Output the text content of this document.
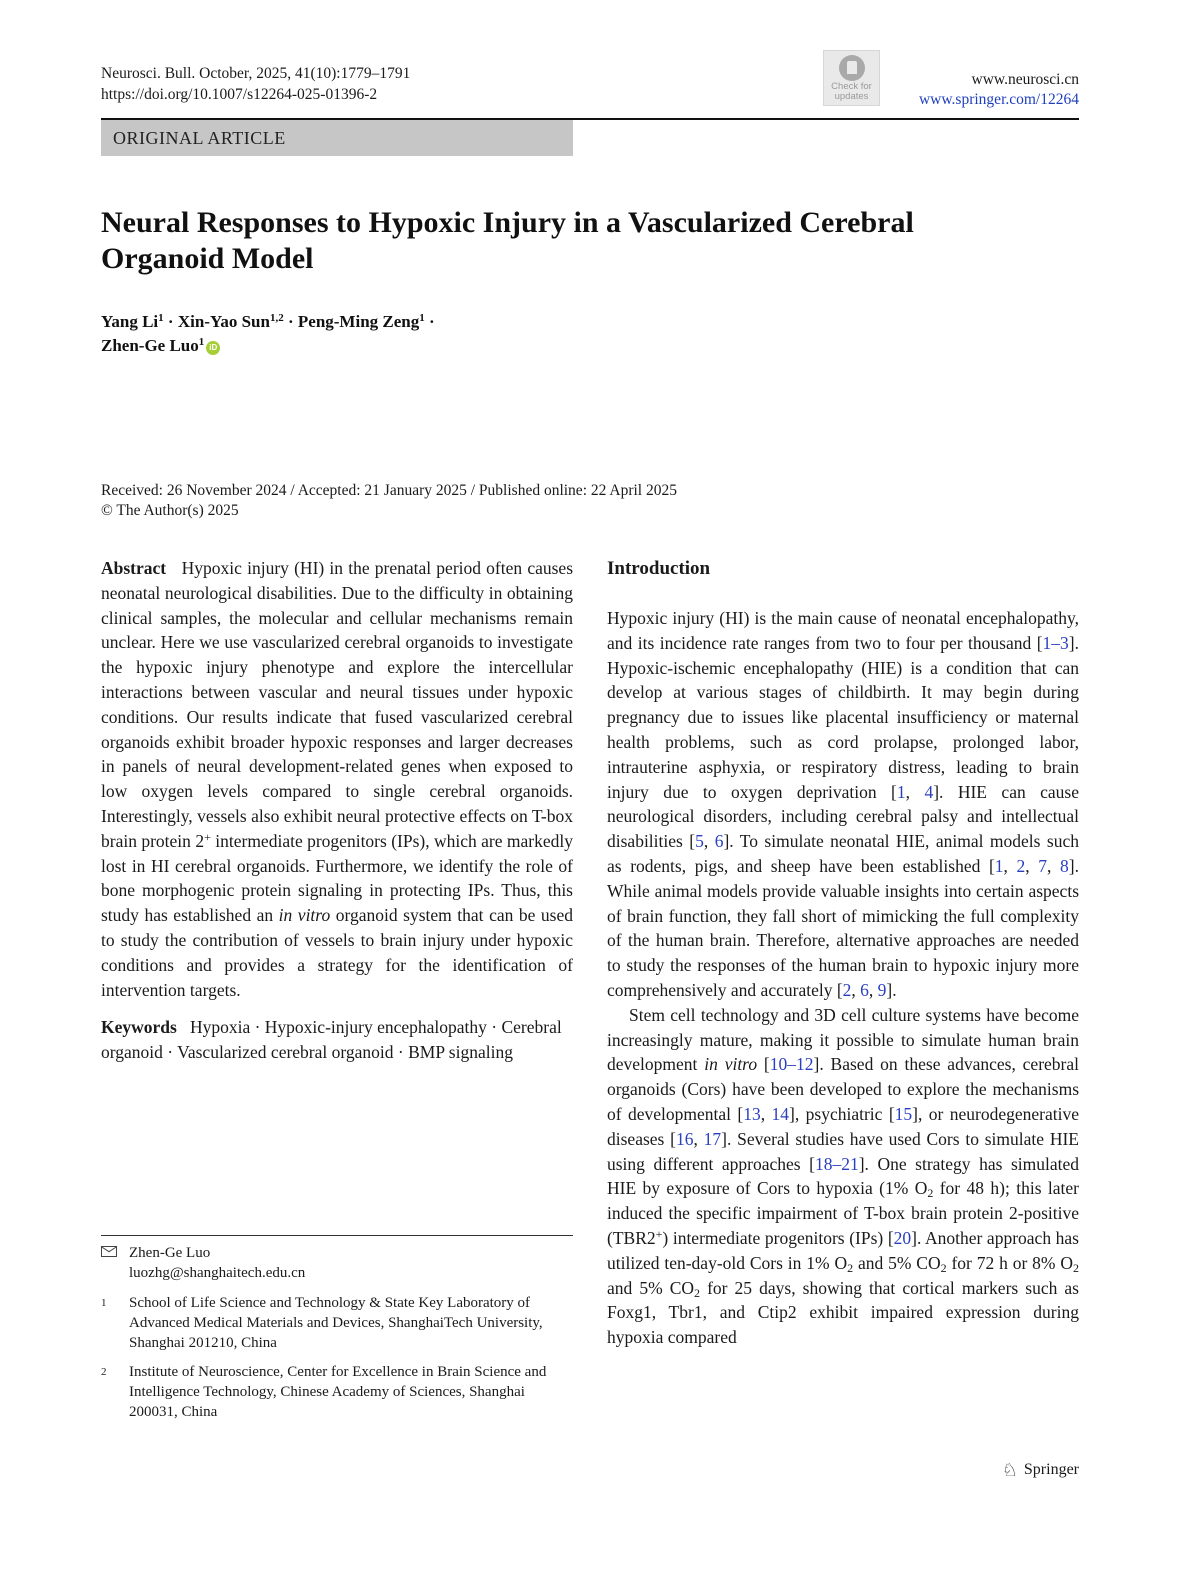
Neurosci. Bull. October, 2025, 41(10):1779–1791
https://doi.org/10.1007/s12264-025-01396-2	Check for
updates
www.neurosci.cn
www.springer.com/12264
ORIGINAL ARTICLE
Neural Responses to Hypoxic Injury in a Vascularized Cerebral Organoid Model
Yang $Li^1 \cdot Xin-Yao$ Sun$^{1,2}$ · Peng-Ming Zeng$^1$ ·
Zhen-Ge Luo$^1$ iD
Received: 26 November 2024 / Accepted: 21 January 2025 / Published online: 22 April 2025
© The Author(s) 2025

Abstract Hypoxic injury (HI) in the prenatal period often causes neonatal neurological disabilities. Due to the difficulty in obtaining clinical samples, the molecular and cellular mechanisms remain unclear. Here we use vascularized cerebral organoids to investigate the hypoxic injury phenotype and explore the intercellular interactions between vascular and neural tissues under hypoxic conditions. Our results indicate that fused vascularized cerebral organoids exhibit broader hypoxic responses and larger decreases in panels of neural development-related genes when exposed to low oxygen levels compared to single cerebral organoids. Interestingly, vessels also exhibit neural protective effects on T-box brain protein 2+ intermediate progenitors (IPs), which are markedly lost in HI cerebral organoids. Furthermore, we identify the role of bone morphogenic protein signaling in protecting IPs. Thus, this study has established an in vitro organoid system that can be used to study the contribution of vessels to brain injury under hypoxic conditions and provides a strategy for the identification of intervention targets.

Keywords Hypoxia · Hypoxic-injury encephalopathy · Cerebral organoid · Vascularized cerebral organoid · BMP signaling

Zhen-Ge Luo
luozhg@shanghaitech.edu.cn
1	School of Life Science and Technology & State Key Laboratory of Advanced Medical Materials and Devices, ShanghaiTech University, Shanghai 201210, China
2	Institute of Neuroscience, Center for Excellence in Brain Science and Intelligence Technology, Chinese Academy of Sciences, Shanghai 200031, China

Introduction

Hypoxic injury (HI) is the main cause of neonatal encephalopathy, and its incidence rate ranges from two to four per thousand [1–3]. Hypoxic-ischemic encephalopathy (HIE) is a condition that can develop at various stages of childbirth. It may begin during pregnancy due to issues like placental insufficiency or maternal health problems, such as cord prolapse, prolonged labor, intrauterine asphyxia, or respiratory distress, leading to brain injury due to oxygen deprivation [1, 4]. HIE can cause neurological disorders, including cerebral palsy and intellectual disabilities [5, 6]. To simulate neonatal HIE, animal models such as rodents, pigs, and sheep have been established [1, 2, 7, 8]. While animal models provide valuable insights into certain aspects of brain function, they fall short of mimicking the full complexity of the human brain. Therefore, alternative approaches are needed to study the responses of the human brain to hypoxic injury more comprehensively and accurately [2, 6, 9].

Stem cell technology and 3D cell culture systems have become increasingly mature, making it possible to simulate human brain development in vitro [10–12]. Based on these advances, cerebral organoids (Cors) have been developed to explore the mechanisms of developmental [13, 14], psychiatric [15], or neurodegenerative diseases [16, 17]. Several studies have used Cors to simulate HIE using different approaches [18–21]. One strategy has simulated HIE by exposure of Cors to hypoxia (1% $O_2$ for 48 h); this later induced the specific impairment of T-box brain protein 2-positive (TBR2+) intermediate progenitors (IPs) [20]. Another approach has utilized ten-day-old Cors in 1% $O_2$ and 5% $CO_2$ for 72 h or 8% $O_2$ and 5% $CO_2$ for 25 days, showing that cortical markers such as Foxg1, Tbr1, and Ctip2 exhibit impaired expression during hypoxia compared

♘ Springer
